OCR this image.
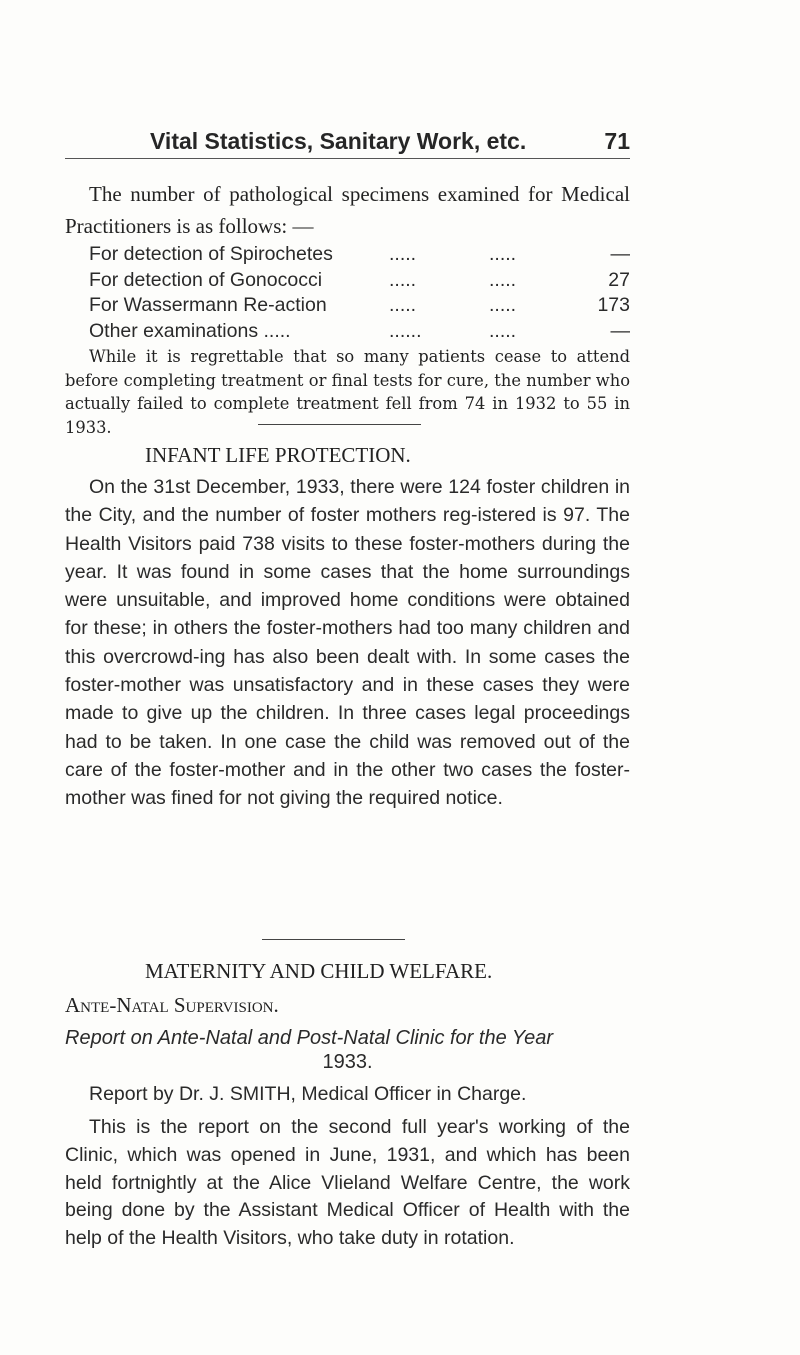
Vital Statistics, Sanitary Work, etc.	71

The number of pathological specimens examined for Medical Practitioners is as follows: —

For detection of Spirochetes	.....	.....	—
For detection of Gonococci	.....	.....	27
For Wassermann Re-action	.....	.....	173
Other examinations .....	......	.....	—

While it is regrettable that so many patients cease to attend before completing treatment or final tests for cure, the number who actually failed to complete treatment fell from 74 in 1932 to 55 in 1933.

INFANT LIFE PROTECTION.

On the 31st December, 1933, there were 124 foster children in the City, and the number of foster mothers reg-istered is 97. The Health Visitors paid 738 visits to these foster-mothers during the year. It was found in some cases that the home surroundings were unsuitable, and improved home conditions were obtained for these; in others the foster-mothers had too many children and this overcrowd-ing has also been dealt with. In some cases the foster-mother was unsatisfactory and in these cases they were made to give up the children. In three cases legal proceedings had to be taken. In one case the child was removed out of the care of the foster-mother and in the other two cases the foster-mother was fined for not giving the required notice.

MATERNITY AND CHILD WELFARE.
Ante-Natal Supervision.
Report on Ante-Natal and Post-Natal Clinic for the Year
1933.

Report by Dr. J. SMITH, Medical Officer in Charge.

This is the report on the second full year's working of the Clinic, which was opened in June, 1931, and which has been held fortnightly at the Alice Vlieland Welfare Centre, the work being done by the Assistant Medical Officer of Health with the help of the Health Visitors, who take duty in rotation.
